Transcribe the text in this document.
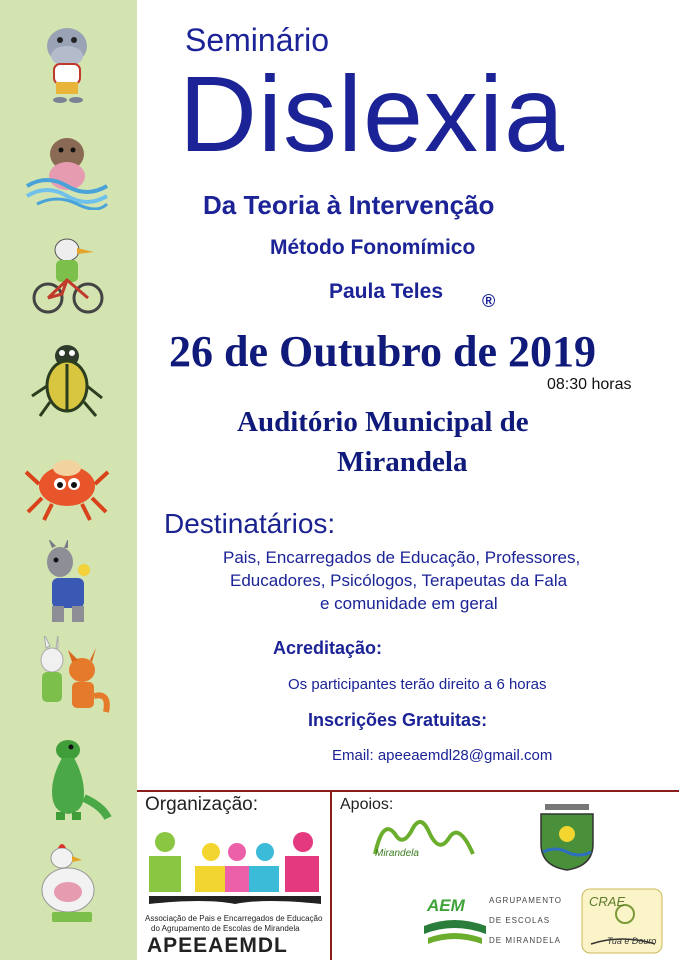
Seminário
Dislexia
Da Teoria à Intervenção
Método Fonomímico
Paula Teles ®
26 de Outubro de 2019
08:30 horas
Auditório Municipal de
Mirandela
Destinatários:
Pais, Encarregados de Educação, Professores,
Educadores, Psicólogos, Terapeutas da Fala
e comunidade em geral
Acreditação:
Os participantes terão direito a 6 horas
Inscrições Gratuitas:
Email: apeeaemdl28@gmail.com
Organização:	Apoios:
Associação de Pais e Encarregados de Educação
do Agrupamento de Escolas de Mirandela
APEEAEMDL
Mirandela
AEM	AGRUPAMENTO
DE ESCOLAS
DE MIRANDELA
CRAE
Tua e Douro
